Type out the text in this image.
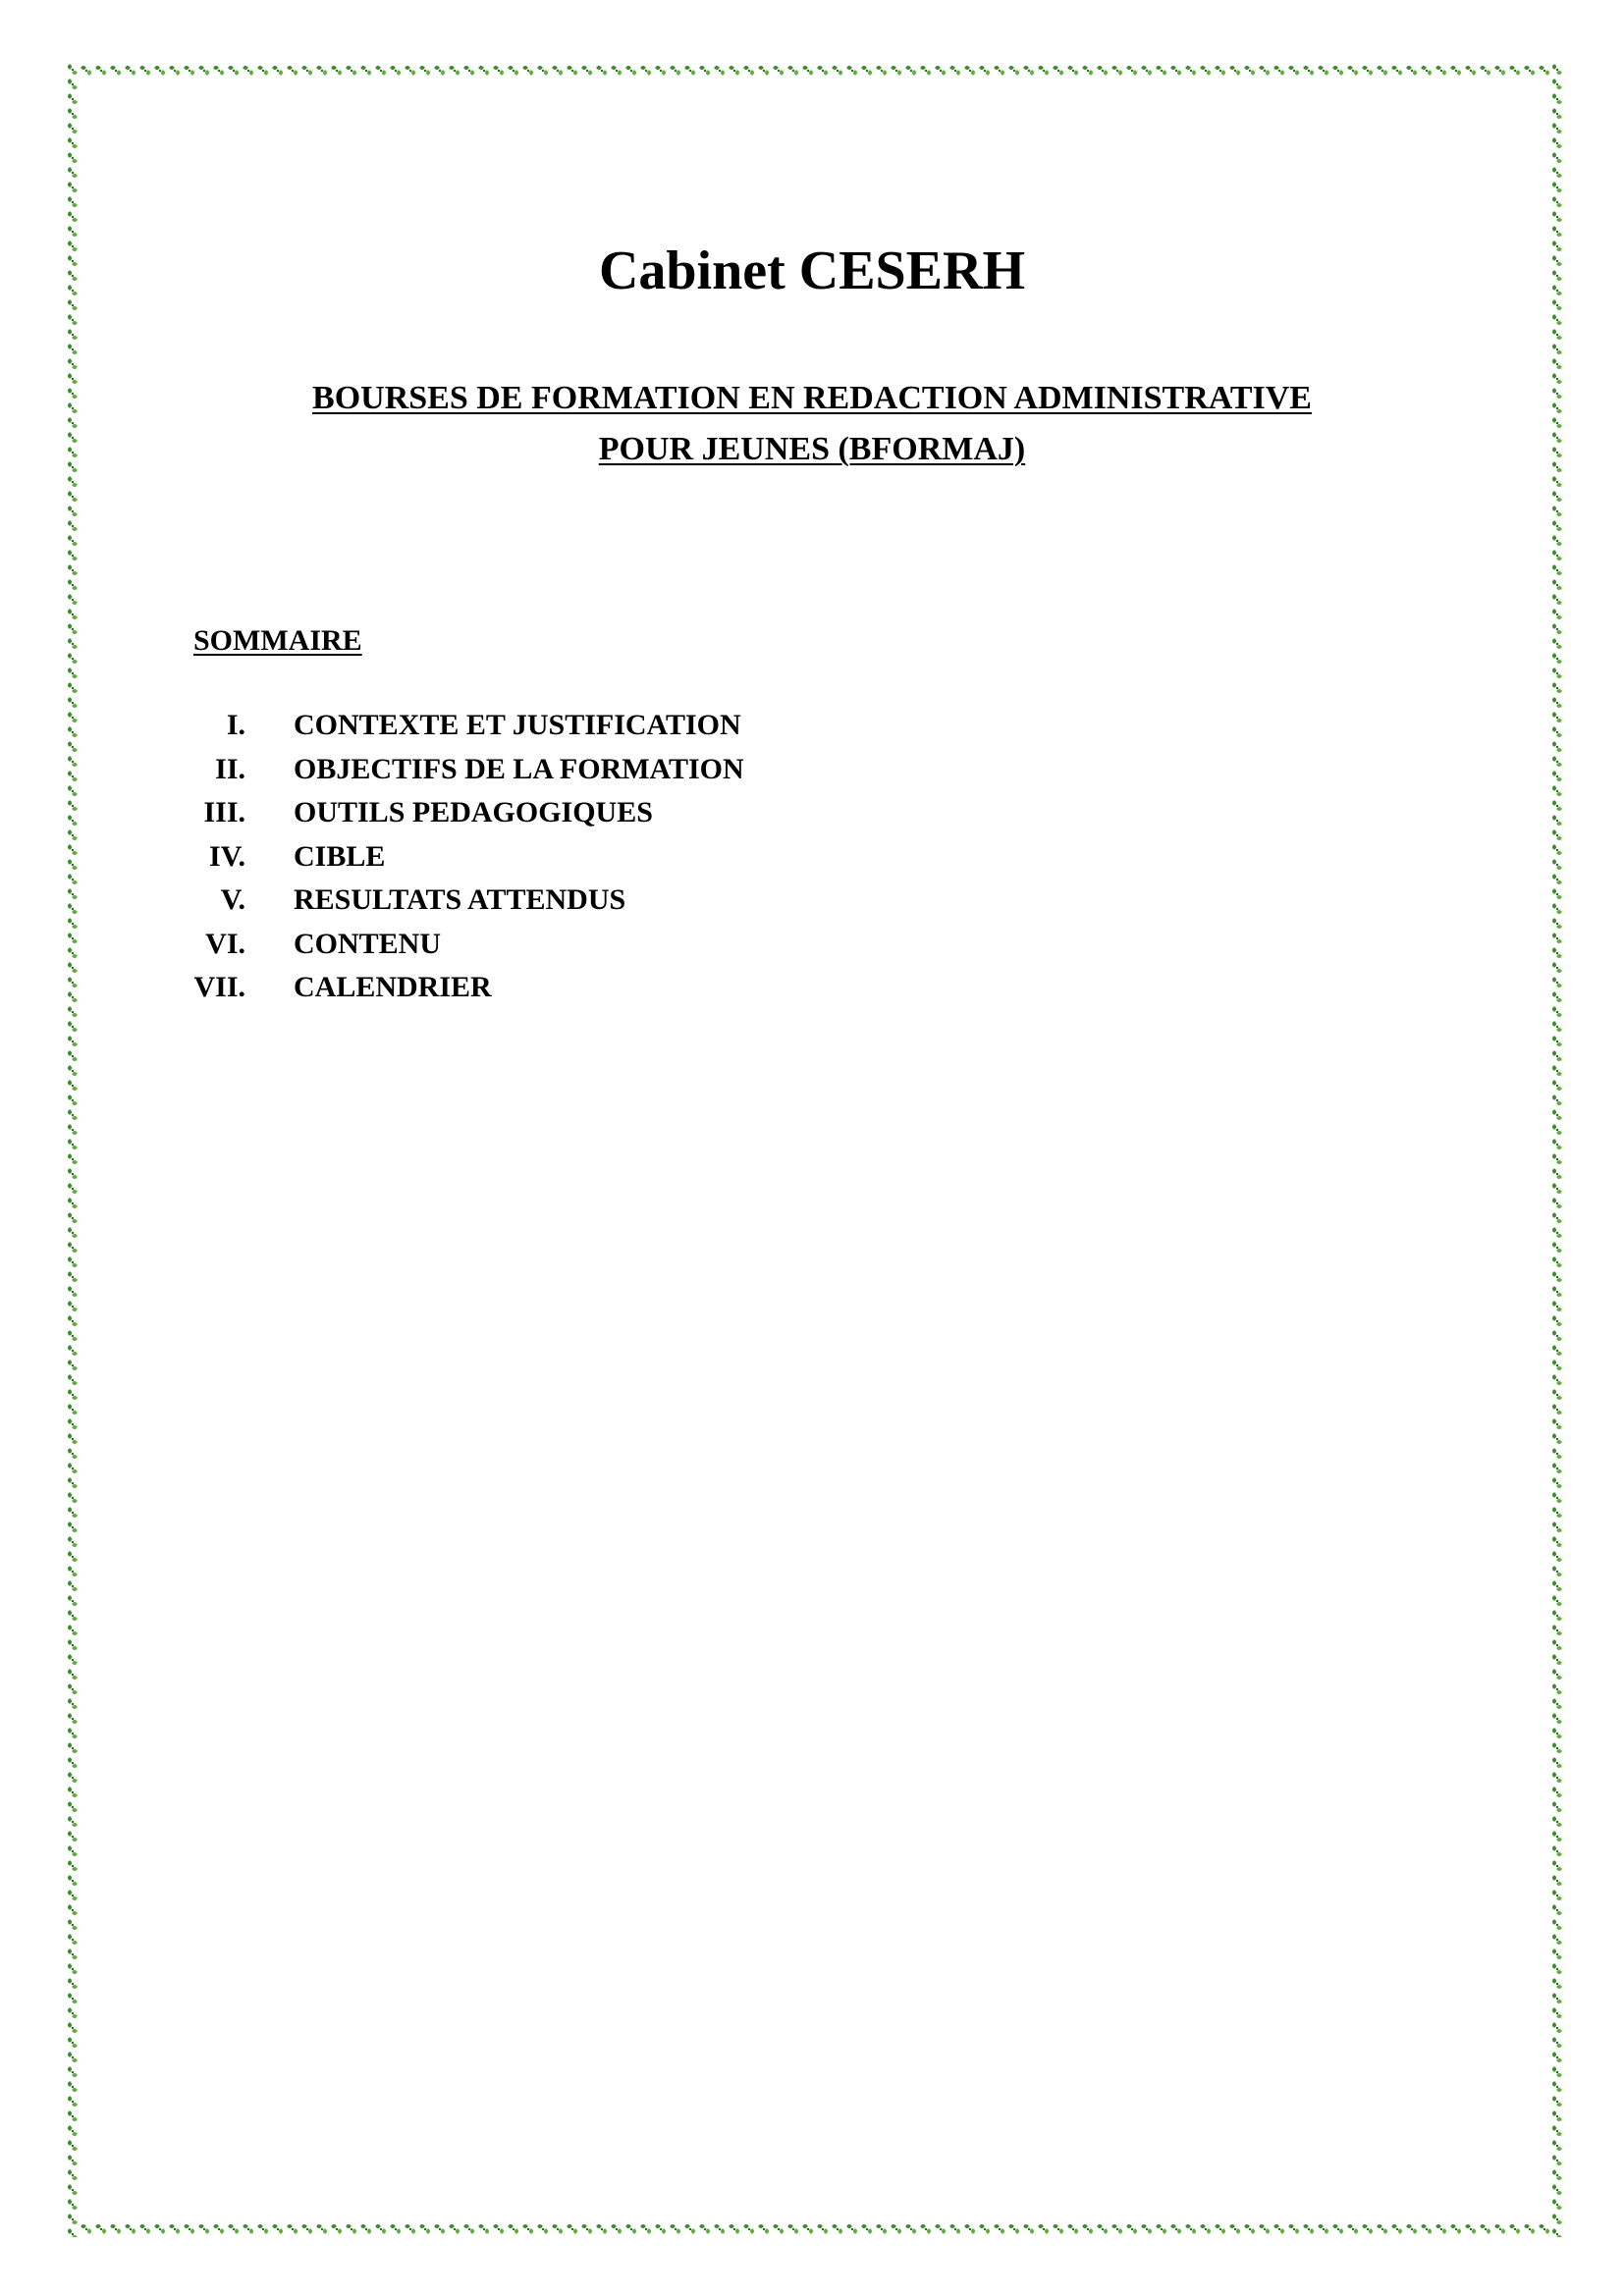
Cabinet CESERH
BOURSES DE FORMATION EN REDACTION ADMINISTRATIVE
POUR JEUNES (BFORMAJ)
SOMMAIRE
I. CONTEXTE ET JUSTIFICATION
II. OBJECTIFS DE LA FORMATION
III. OUTILS PEDAGOGIQUES
IV. CIBLE
V. RESULTATS ATTENDUS
VI. CONTENU
VII. CALENDRIER
